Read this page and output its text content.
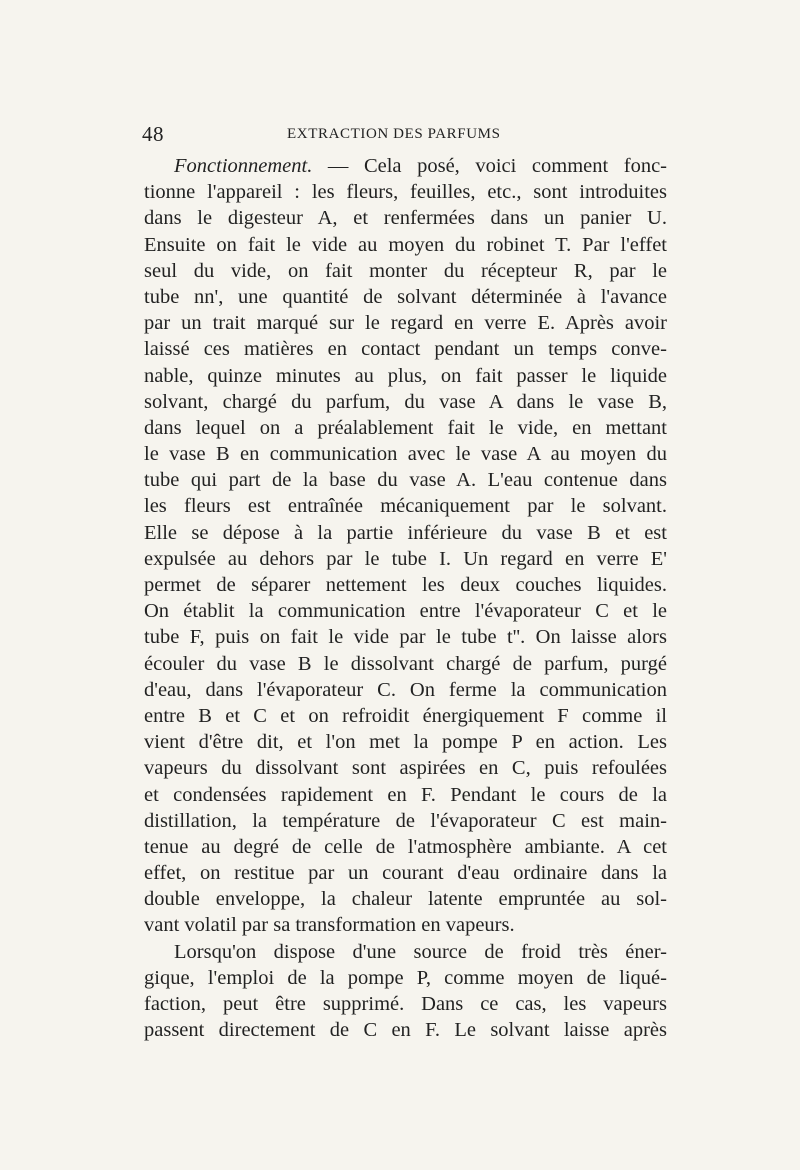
48	EXTRACTION DES PARFUMS
Fonctionnement. — Cela posé, voici comment fonc-
tionne l'appareil : les fleurs, feuilles, etc., sont introduites
dans le digesteur A, et renfermées dans un panier U.
Ensuite on fait le vide au moyen du robinet T. Par l'effet
seul du vide, on fait monter du récepteur R, par le
tube nn', une quantité de solvant déterminée à l'avance
par un trait marqué sur le regard en verre E. Après avoir
laissé ces matières en contact pendant un temps conve-
nable, quinze minutes au plus, on fait passer le liquide
solvant, chargé du parfum, du vase A dans le vase B,
dans lequel on a préalablement fait le vide, en mettant
le vase B en communication avec le vase A au moyen du
tube qui part de la base du vase A. L'eau contenue dans
les fleurs est entraînée mécaniquement par le solvant.
Elle se dépose à la partie inférieure du vase B et est
expulsée au dehors par le tube I. Un regard en verre E'
permet de séparer nettement les deux couches liquides.
On établit la communication entre l'évaporateur C et le
tube F, puis on fait le vide par le tube t''. On laisse alors
écouler du vase B le dissolvant chargé de parfum, purgé
d'eau, dans l'évaporateur C. On ferme la communication
entre B et C et on refroidit énergiquement F comme il
vient d'être dit, et l'on met la pompe P en action. Les
vapeurs du dissolvant sont aspirées en C, puis refoulées
et condensées rapidement en F. Pendant le cours de la
distillation, la température de l'évaporateur C est main-
tenue au degré de celle de l'atmosphère ambiante. A cet
effet, on restitue par un courant d'eau ordinaire dans la
double enveloppe, la chaleur latente empruntée au sol-
vant volatil par sa transformation en vapeurs.
Lorsqu'on dispose d'une source de froid très éner-
gique, l'emploi de la pompe P, comme moyen de liqué-
faction, peut être supprimé. Dans ce cas, les vapeurs
passent directement de C en F. Le solvant laisse après
